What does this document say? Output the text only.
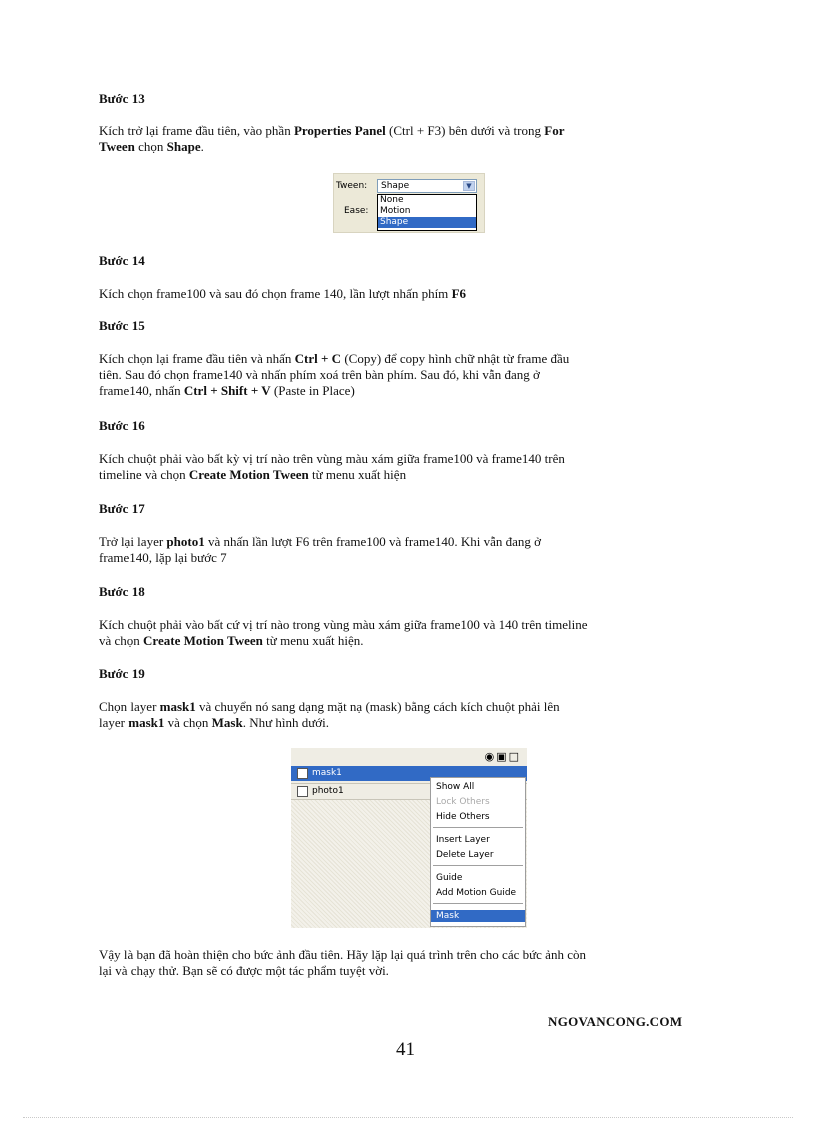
Bước 13
Kích trở lại frame đầu tiên, vào phần Properties Panel (Ctrl + F3) bên dưới và trong For
Tween chọn Shape.
Tween:
Ease:
Shape	▼
None
Motion
Shape
Bước 14
Kích chọn frame100 và sau đó chọn frame 140, lần lượt nhấn phím F6
Bước 15
Kích chọn lại frame đầu tiên và nhấn Ctrl + C (Copy) để copy hình chữ nhật từ frame đầu
tiên. Sau đó chọn frame140 và nhấn phím xoá trên bàn phím. Sau đó, khi vẫn đang ở
frame140, nhấn Ctrl + Shift + V (Paste in Place)
Bước 16
Kích chuột phải vào bất kỳ vị trí nào trên vùng màu xám giữa frame100 và frame140 trên
timeline và chọn Create Motion Tween từ menu xuất hiện
Bước 17
Trở lại layer photo1 và nhấn lần lượt F6 trên frame100 và frame140. Khi vẫn đang ở
frame140, lặp lại bước 7
Bước 18
Kích chuột phải vào bất cứ vị trí nào trong vùng màu xám giữa frame100 và 140 trên timeline
và chọn Create Motion Tween từ menu xuất hiện.
Bước 19
Chọn layer mask1 và chuyển nó sang dạng mặt nạ (mask) bằng cách kích chuột phải lên
layer mask1 và chọn Mask. Như hình dưới.
◉▣□
mask1
photo1	Show All
Lock Others
Hide Others
Insert Layer
Delete Layer
Guide
Add Motion Guide
Mask
Vậy là bạn đã hoàn thiện cho bức ảnh đầu tiên. Hãy lặp lại quá trình trên cho các bức ảnh còn
lại và chạy thử. Bạn sẽ có được một tác phẩm tuyệt vời.
NGOVANCONG.COM
41
